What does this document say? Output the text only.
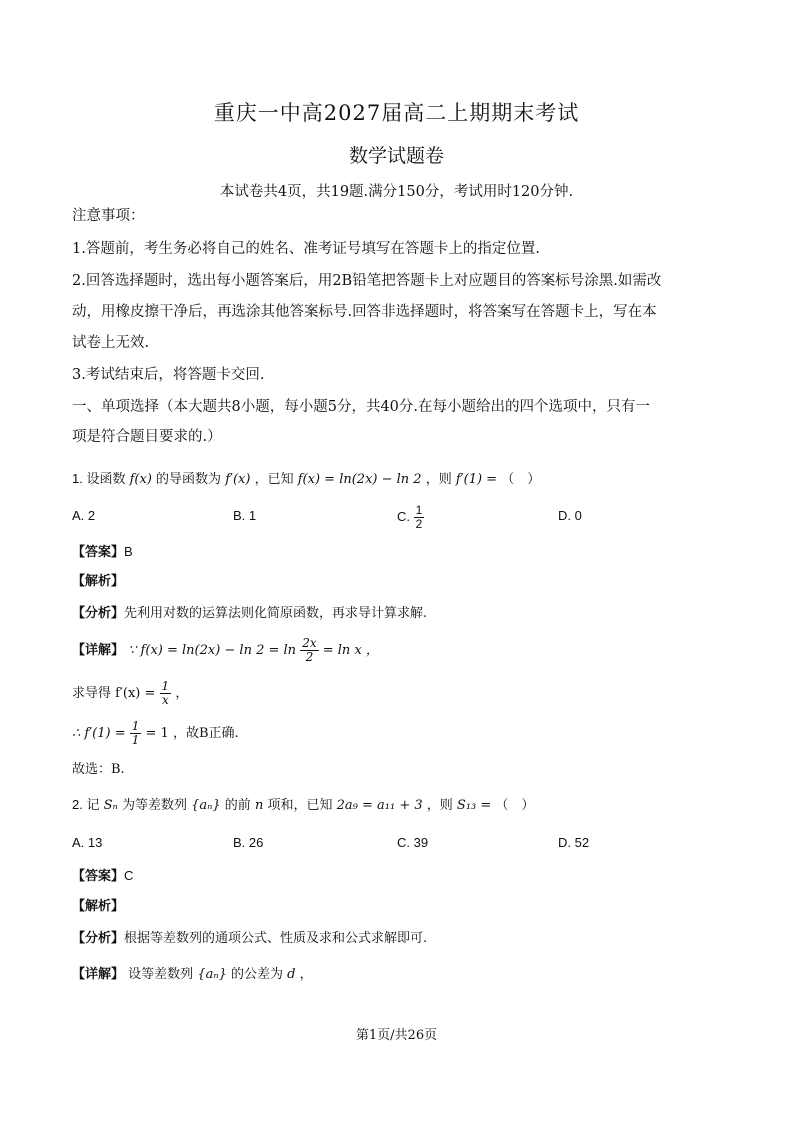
重庆一中高2027届高二上期期末考试
数学试题卷
本试卷共4页，共19题.满分150分，考试用时120分钟.
注意事项：
1.答题前，考生务必将自己的姓名、准考证号填写在答题卡上的指定位置.
2.回答选择题时，选出每小题答案后，用2B铅笔把答题卡上对应题目的答案标号涂黑.如需改
动，用橡皮擦干净后，再选涂其他答案标号.回答非选择题时，将答案写在答题卡上，写在本
试卷上无效.
3.考试结束后，将答题卡交回.
一、单项选择（本大题共8小题，每小题5分，共40分.在每小题给出的四个选项中，只有一
项是符合题目要求的.）
1. 设函数 f(x) 的导函数为 f′(x) ，已知 f(x) = ln(2x) − ln 2 ，则 f′(1) = （　）
A. 2	B. 1	C. $\frac{1}{2}$	D. 0
【答案】B
【解析】
【分析】先利用对数的运算法则化简原函数，再求导计算求解.
【详解】 ∵ $f(x) = \ln(2x) - \ln 2 = \ln \frac{2x}{2} = \ln x$ ，
求导得 $f'(x) = \frac{1}{x}$ ，
∴ $f'(1) = \frac{1}{1} = 1$ ，故B正确.
故选：B.
2. 记 Sₙ 为等差数列 {aₙ} 的前 n 项和，已知 2a₉ = a₁₁ + 3 ，则 S₁₃ = （　）
A. 13	B. 26	C. 39	D. 52
【答案】C
【解析】
【分析】根据等差数列的通项公式、性质及求和公式求解即可.
【详解】 设等差数列 {aₙ} 的公差为 d ，
第1页/共26页
